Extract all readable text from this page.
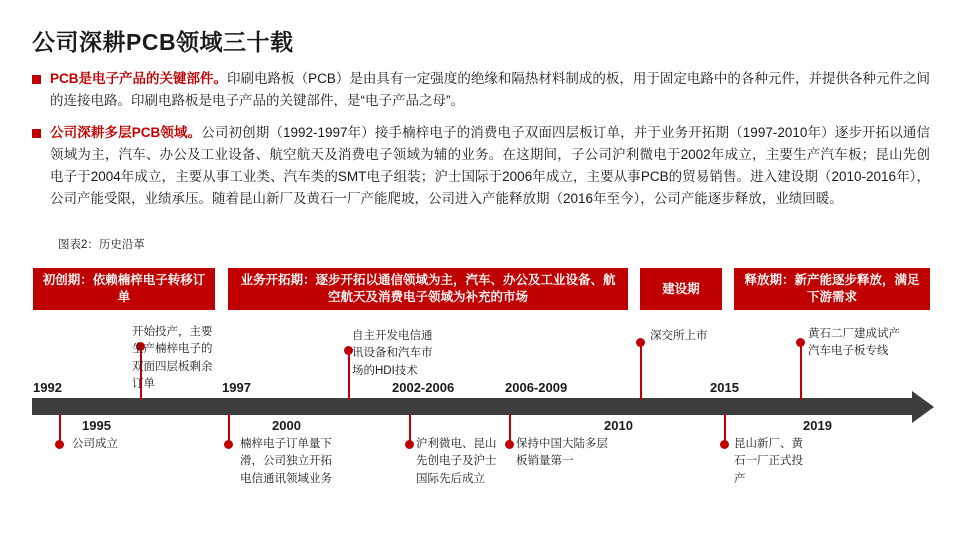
公司深耕PCB领域三十载
PCB是电子产品的关键部件。印刷电路板（PCB）是由具有一定强度的绝缘和隔热材料制成的板，用于固定电路中的各种元件，并提供各种元件之间的连接电路。印刷电路板是电子产品的关键部件，是“电子产品之母”。
公司深耕多层PCB领域。公司初创期（1992-1997年）接手楠梓电子的消费电子双面四层板订单，并于业务开拓期（1997-2010年）逐步开拓以通信领域为主，汽车、办公及工业设备、航空航天及消费电子领域为辅的业务。在这期间，子公司沪利微电于2002年成立，主要生产汽车板；昆山先创电子于2004年成立，主要从事工业类、汽车类的SMT电子组装；沪士国际于2006年成立，主要从事PCB的贸易销售。进入建设期（2010-2016年），公司产能受限，业绩承压。随着昆山新厂及黄石一厂产能爬坡，公司进入产能释放期（2016年至今），公司产能逐步释放，业绩回暖。
图表2：历史沿革
初创期：依赖楠梓电子转移订单
业务开拓期：逐步开拓以通信领域为主，汽车、办公及工业设备、航空航天及消费电子领域为补充的市场
建设期
释放期：新产能逐步释放，满足下游需求
1992
1995
1997
2000
2002-2006	2006-2009
2010
2015
2019
开始投产，主要生产楠梓电子的双面四层板剩余订单
自主开发电信通讯设备和汽车市场的HDI技术
深交所上市	黄石二厂建成试产汽车电子板专线
公司成立	楠梓电子订单量下滑，公司独立开拓电信通讯领域业务
沪利微电、昆山先创电子及沪士国际先后成立
保持中国大陆多层板销量第一
昆山新厂、黄石一厂正式投产
